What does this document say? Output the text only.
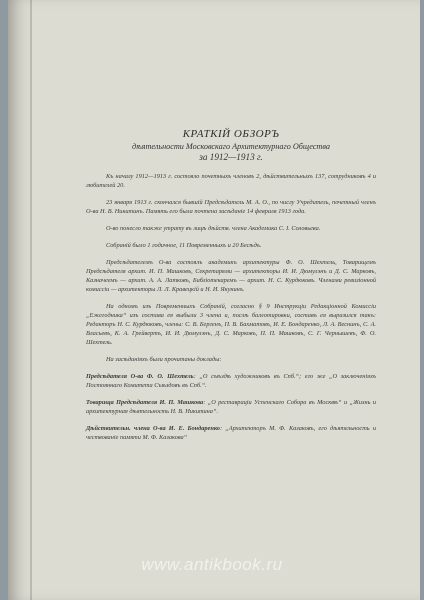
КРАТКІЙ ОБЗОРЪ
дѣятельности Московскаго Архитектурнаго Общества
за 1912—1913 г.

Къ началу 1912—1913 г. состояло почетныхъ членовъ 2, дѣйствительныхъ 137, сотрудниковъ 4 и любителей 20.

23 января 1913 г. скончался бывшій Предсѣдатель М. А. О., по числу Учредитель, почетный членъ О-ва Н. В. Никитинъ. Память его была почтена засѣданіе 14 февраля 1913 года.

О-во понесло также утрату въ лицѣ дѣйств. члена Академика С. І. Соловьева.

Собраній было 1 годичное, 11 Повременныхъ и 20 Бесѣдъ.

Предсѣдателемъ О-ва состоялъ академикъ архитектуры Ф. О. Шехтель, Товарищемъ Предсѣдателя архит. И. П. Машковъ, Секретарями — архитекторы И. И. Дюмулэнъ и Д. С. Марковъ, Казначеемъ — архит. А. А. Латковъ, Библіотекаремъ — архит. Н. С. Курдюковъ. Членами ревизіонной комиссіи — архитекторы Л. Л. Кравецкій и Н. И. Якунинъ.

На одномъ изъ Повременныхъ Собраній, согласно § 9 Инструкціи Редакціонной Комиссіи „Ежегодника“ изъ состава ея выбыли 3 члена и, послѣ баллотировки, составъ ея выразился такъ: Редакторъ Н. С. Курдюковъ, члены: С. В. Бергенъ, П. В. Бахматовъ, И. Е. Бондаренко, Л. А. Веснинъ, С. А. Власьевъ, К. А. Грейвертъ, И. И. Дюмулэнъ, Д. С. Марковъ, П. П. Машковъ, С. Г. Чернышевъ, Ф. О. Шехтель.

На засѣданіяхъ были прочитаны доклады:

Предсѣдателя О-ва Ф. О. Шехтель: „О съѣздѣ художниковъ въ Спб.“; его же „О заключеніяхъ Постояннаго Комитета Съѣздовъ въ Спб.“.

Товарища Предсѣдателя И. П. Машкова: „О реставраціи Успенскаго Собора въ Москвѣ“ и „Жизнь и архитектурная дѣятельность Н. В. Никитина“.

Дѣйствительн. члена О-ва И. Е. Бондаренко: „Архитекторъ М. Ф. Казаковъ, его дѣятельность и чествованіе памяти М. Ф. Казакова“

www.antikbook.ru
